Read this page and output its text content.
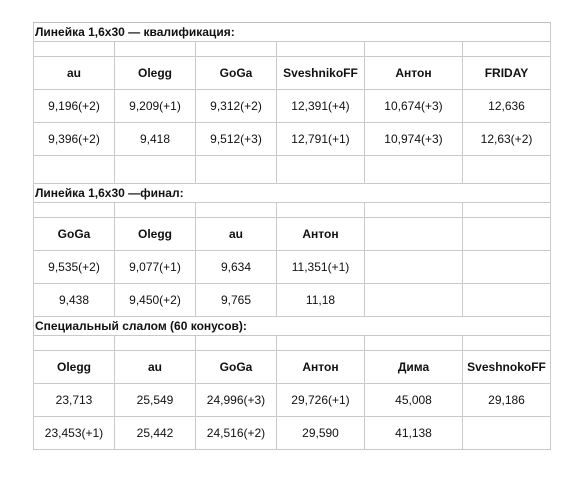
Линейка 1,6x30 — квалификация:					

au	Olegg	GoGa	SveshnikoFF	Антон	FRIDAY
9,196(+2)	9,209(+1)	9,312(+2)	12,391(+4)	10,674(+3)	12,636
9,396(+2)	9,418	9,512(+3)	12,791(+1)	10,974(+3)	12,63(+2)

Линейка 1,6x30 —финал:					

GoGa	Olegg	au	Антон		
9,535(+2)	9,077(+1)	9,634	11,351(+1)		
9,438	9,450(+2)	9,765	11,18		
Специальный слалом (60 конусов):					

Olegg	au	GoGa	Антон	Дима	SveshnokoFF
23,713	25,549	24,996(+3)	29,726(+1)	45,008	29,186
23,453(+1)	25,442	24,516(+2)	29,590	41,138	
